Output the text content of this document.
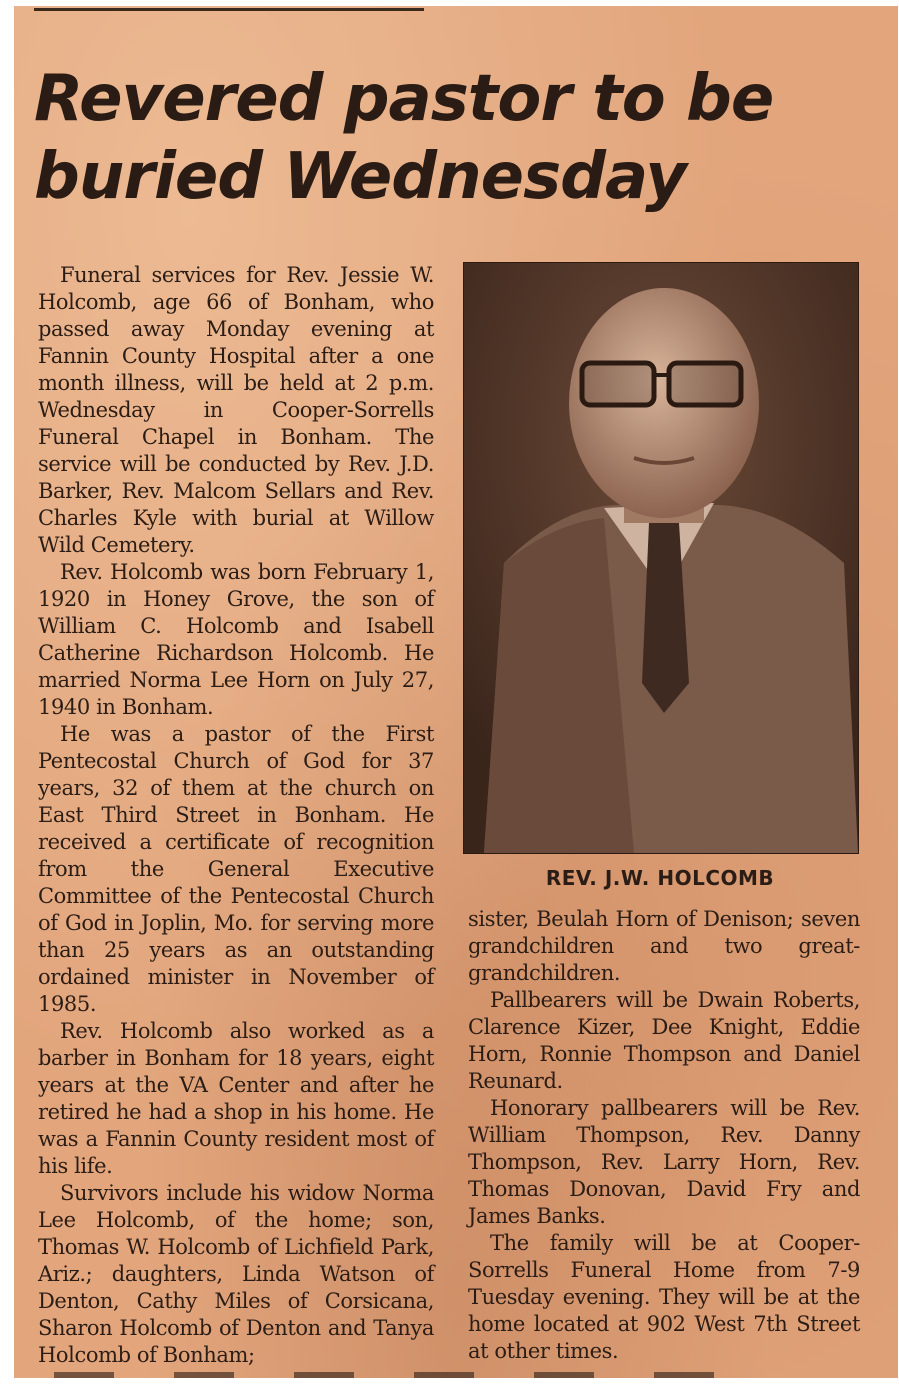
Revered pastor to be buried Wednesday

Funeral services for Rev. Jessie W. Holcomb, age 66 of Bonham, who passed away Monday evening at Fannin County Hospital after a one month illness, will be held at 2 p.m. Wednesday in Cooper-Sorrells Funeral Chapel in Bonham. The service will be conducted by Rev. J.D. Barker, Rev. Malcom Sellars and Rev. Charles Kyle with burial at Willow Wild Cemetery.

Rev. Holcomb was born February 1, 1920 in Honey Grove, the son of William C. Holcomb and Isabell Catherine Richardson Holcomb. He married Norma Lee Horn on July 27, 1940 in Bonham.

He was a pastor of the First Pentecostal Church of God for 37 years, 32 of them at the church on East Third Street in Bonham. He received a certificate of recognition from the General Executive Committee of the Pentecostal Church of God in Joplin, Mo. for serving more than 25 years as an outstanding ordained minister in November of 1985.

Rev. Holcomb also worked as a barber in Bonham for 18 years, eight years at the VA Center and after he retired he had a shop in his home. He was a Fannin County resident most of his life.

Survivors include his widow Norma Lee Holcomb, of the home; son, Thomas W. Holcomb of Lichfield Park, Ariz.; daughters, Linda Watson of Denton, Cathy Miles of Corsicana, Sharon Holcomb of Denton and Tanya Holcomb of Bonham;

REV. J.W. HOLCOMB

sister, Beulah Horn of Denison; seven grandchildren and two great-grandchildren.

Pallbearers will be Dwain Roberts, Clarence Kizer, Dee Knight, Eddie Horn, Ronnie Thompson and Daniel Reunard.

Honorary pallbearers will be Rev. William Thompson, Rev. Danny Thompson, Rev. Larry Horn, Rev. Thomas Donovan, David Fry and James Banks.

The family will be at Cooper-Sorrells Funeral Home from 7-9 Tuesday evening. They will be at the home located at 902 West 7th Street at other times.
